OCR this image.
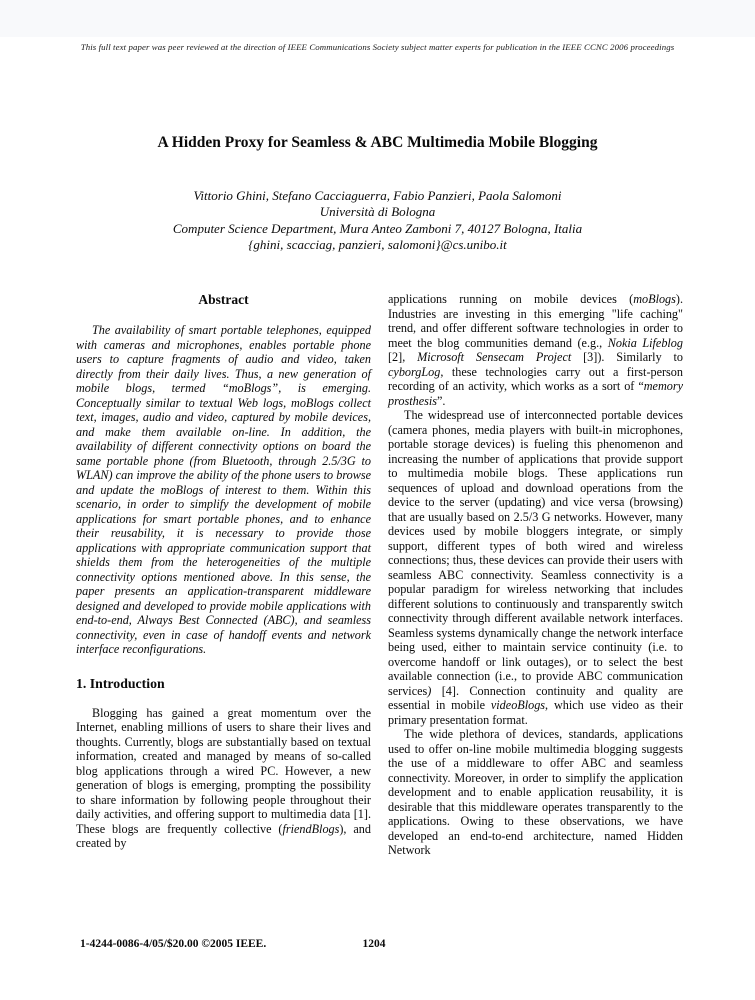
This full text paper was peer reviewed at the direction of IEEE Communications Society subject matter experts for publication in the IEEE CCNC 2006 proceedings
A Hidden Proxy for Seamless & ABC Multimedia Mobile Blogging
Vittorio Ghini, Stefano Cacciaguerra, Fabio Panzieri, Paola Salomoni
Università di Bologna
Computer Science Department, Mura Anteo Zamboni 7, 40127 Bologna, Italia
{ghini, scacciag, panzieri, salomoni}@cs.unibo.it
Abstract

The availability of smart portable telephones, equipped with cameras and microphones, enables portable phone users to capture fragments of audio and video, taken directly from their daily lives. Thus, a new generation of mobile blogs, termed “moBlogs”, is emerging. Conceptually similar to textual Web logs, moBlogs collect text, images, audio and video, captured by mobile devices, and make them available on-line. In addition, the availability of different connectivity options on board the same portable phone (from Bluetooth, through 2.5/3G to WLAN) can improve the ability of the phone users to browse and update the moBlogs of interest to them. Within this scenario, in order to simplify the development of mobile applications for smart portable phones, and to enhance their reusability, it is necessary to provide those applications with appropriate communication support that shields them from the heterogeneities of the multiple connectivity options mentioned above. In this sense, the paper presents an application-transparent middleware designed and developed to provide mobile applications with end-to-end, Always Best Connected (ABC), and seamless connectivity, even in case of handoff events and network interface reconfigurations.

1. Introduction

Blogging has gained a great momentum over the Internet, enabling millions of users to share their lives and thoughts. Currently, blogs are substantially based on textual information, created and managed by means of so-called blog applications through a wired PC. However, a new generation of blogs is emerging, prompting the possibility to share information by following people throughout their daily activities, and offering support to multimedia data [1]. These blogs are frequently collective (friendBlogs), and created by

applications running on mobile devices (moBlogs). Industries are investing in this emerging "life caching" trend, and offer different software technologies in order to meet the blog communities demand (e.g., Nokia Lifeblog [2], Microsoft Sensecam Project [3]). Similarly to cyborgLog, these technologies carry out a first-person recording of an activity, which works as a sort of “memory prosthesis”.

The widespread use of interconnected portable devices (camera phones, media players with built-in microphones, portable storage devices) is fueling this phenomenon and increasing the number of applications that provide support to multimedia mobile blogs. These applications run sequences of upload and download operations from the device to the server (updating) and vice versa (browsing) that are usually based on 2.5/3 G networks. However, many devices used by mobile bloggers integrate, or simply support, different types of both wired and wireless connections; thus, these devices can provide their users with seamless ABC connectivity. Seamless connectivity is a popular paradigm for wireless networking that includes different solutions to continuously and transparently switch connectivity through different available network interfaces. Seamless systems dynamically change the network interface being used, either to maintain service continuity (i.e. to overcome handoff or link outages), or to select the best available connection (i.e., to provide ABC communication services) [4]. Connection continuity and quality are essential in mobile videoBlogs, which use video as their primary presentation format.

The wide plethora of devices, standards, applications used to offer on-line mobile multimedia blogging suggests the use of a middleware to offer ABC and seamless connectivity. Moreover, in order to simplify the application development and to enable application reusability, it is desirable that this middleware operates transparently to the applications. Owing to these observations, we have developed an end-to-end architecture, named Hidden Network

1-4244-0086-4/05/$20.00 ©2005 IEEE.	1204
